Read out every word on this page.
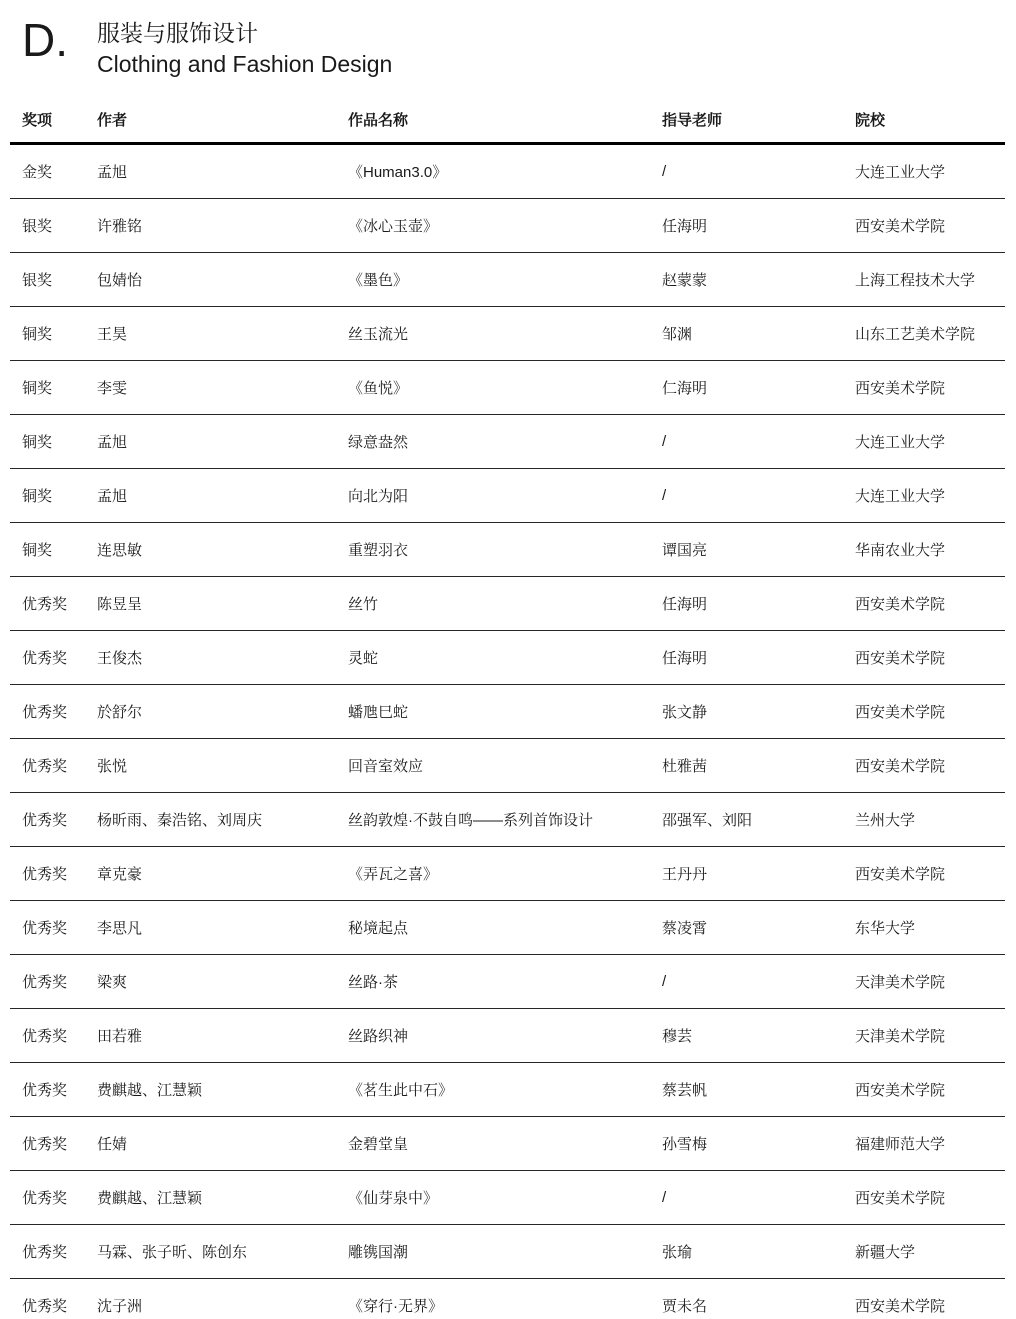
D.	服装与服饰设计
Clothing and Fashion Design
奖项	作者	作品名称	指导老师	院校
金奖	孟旭	《Human3.0》	/	大连工业大学
银奖	许雅铭	《冰心玉壶》	任海明	西安美术学院
银奖	包婧怡	《墨色》	赵蒙蒙	上海工程技术大学
铜奖	王昊	丝玉流光	邹渊	山东工艺美术学院
铜奖	李雯	《鱼悦》	仁海明	西安美术学院
铜奖	孟旭	绿意盎然	/	大连工业大学
铜奖	孟旭	向北为阳	/	大连工业大学
铜奖	连思敏	重塑羽衣	谭国亮	华南农业大学
优秀奖	陈昱呈	丝竹	任海明	西安美术学院
优秀奖	王俊杰	灵蛇	任海明	西安美术学院
优秀奖	於舒尔	蟠虺巳蛇	张文静	西安美术学院
优秀奖	张悦	回音室效应	杜雅茜	西安美术学院
优秀奖	杨昕雨、秦浩铭、刘周庆	丝韵敦煌·不鼓自鸣——系列首饰设计	邵强军、刘阳	兰州大学
优秀奖	章克豪	《弄瓦之喜》	王丹丹	西安美术学院
优秀奖	李思凡	秘境起点	蔡凌霄	东华大学
优秀奖	梁爽	丝路·茶	/	天津美术学院
优秀奖	田若雅	丝路织神	穆芸	天津美术学院
优秀奖	费麒越、江慧颖	《茗生此中石》	蔡芸帆	西安美术学院
优秀奖	任婧	金碧堂皇	孙雪梅	福建师范大学
优秀奖	费麒越、江慧颖	《仙芽泉中》	/	西安美术学院
优秀奖	马霖、张子昕、陈创东	雕镌国潮	张瑜	新疆大学
优秀奖	沈子洲	《穿行·无界》	贾未名	西安美术学院
